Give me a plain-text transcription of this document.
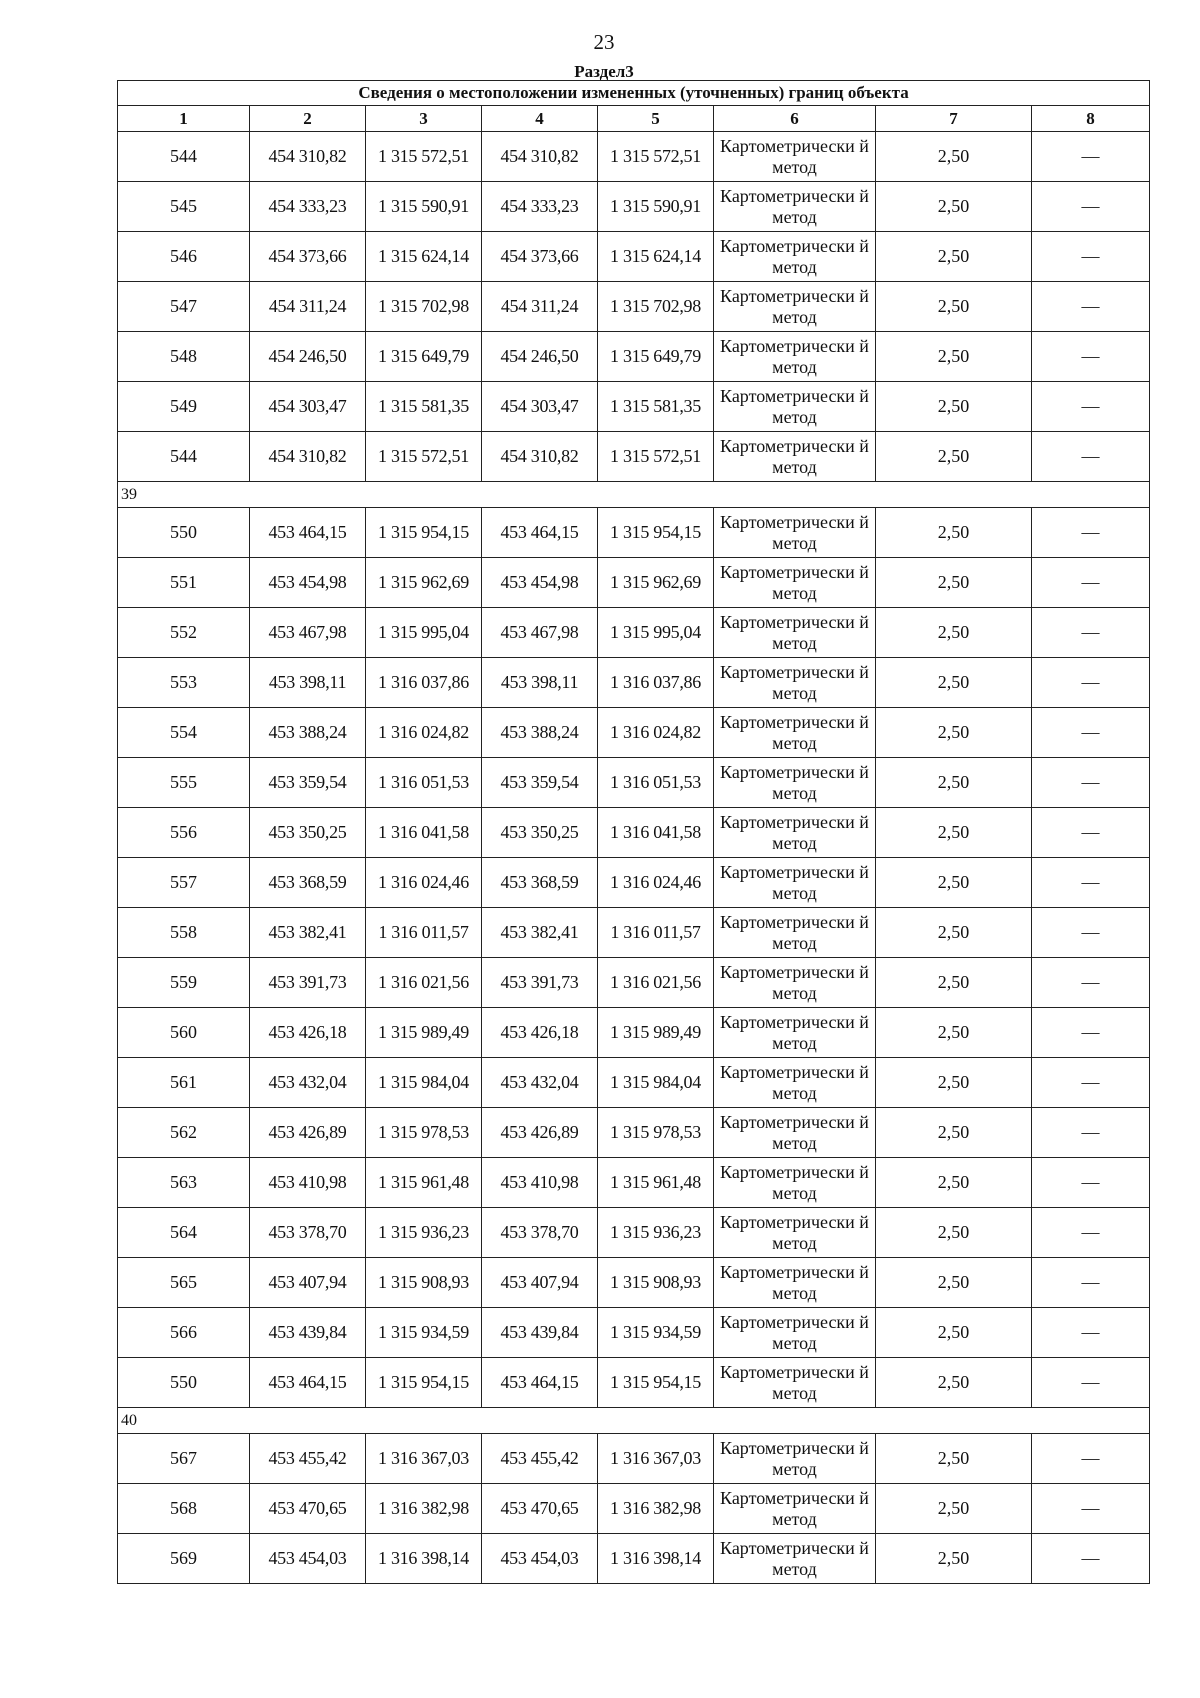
23
Раздел3
Сведения о местоположении измененных (уточненных) границ объекта							
1	2	3	4	5	6	7	8
544	454 310,82	1 315 572,51	454 310,82	1 315 572,51	Картометрически й метод	2,50	—
545	454 333,23	1 315 590,91	454 333,23	1 315 590,91	Картометрически й метод	2,50	—
546	454 373,66	1 315 624,14	454 373,66	1 315 624,14	Картометрически й метод	2,50	—
547	454 311,24	1 315 702,98	454 311,24	1 315 702,98	Картометрически й метод	2,50	—
548	454 246,50	1 315 649,79	454 246,50	1 315 649,79	Картометрически й метод	2,50	—
549	454 303,47	1 315 581,35	454 303,47	1 315 581,35	Картометрически й метод	2,50	—
544	454 310,82	1 315 572,51	454 310,82	1 315 572,51	Картометрически й метод	2,50	—
39							
550	453 464,15	1 315 954,15	453 464,15	1 315 954,15	Картометрически й метод	2,50	—
551	453 454,98	1 315 962,69	453 454,98	1 315 962,69	Картометрически й метод	2,50	—
552	453 467,98	1 315 995,04	453 467,98	1 315 995,04	Картометрически й метод	2,50	—
553	453 398,11	1 316 037,86	453 398,11	1 316 037,86	Картометрически й метод	2,50	—
554	453 388,24	1 316 024,82	453 388,24	1 316 024,82	Картометрически й метод	2,50	—
555	453 359,54	1 316 051,53	453 359,54	1 316 051,53	Картометрически й метод	2,50	—
556	453 350,25	1 316 041,58	453 350,25	1 316 041,58	Картометрически й метод	2,50	—
557	453 368,59	1 316 024,46	453 368,59	1 316 024,46	Картометрически й метод	2,50	—
558	453 382,41	1 316 011,57	453 382,41	1 316 011,57	Картометрически й метод	2,50	—
559	453 391,73	1 316 021,56	453 391,73	1 316 021,56	Картометрически й метод	2,50	—
560	453 426,18	1 315 989,49	453 426,18	1 315 989,49	Картометрически й метод	2,50	—
561	453 432,04	1 315 984,04	453 432,04	1 315 984,04	Картометрически й метод	2,50	—
562	453 426,89	1 315 978,53	453 426,89	1 315 978,53	Картометрически й метод	2,50	—
563	453 410,98	1 315 961,48	453 410,98	1 315 961,48	Картометрически й метод	2,50	—
564	453 378,70	1 315 936,23	453 378,70	1 315 936,23	Картометрически й метод	2,50	—
565	453 407,94	1 315 908,93	453 407,94	1 315 908,93	Картометрически й метод	2,50	—
566	453 439,84	1 315 934,59	453 439,84	1 315 934,59	Картометрически й метод	2,50	—
550	453 464,15	1 315 954,15	453 464,15	1 315 954,15	Картометрически й метод	2,50	—
40							
567	453 455,42	1 316 367,03	453 455,42	1 316 367,03	Картометрически й метод	2,50	—
568	453 470,65	1 316 382,98	453 470,65	1 316 382,98	Картометрически й метод	2,50	—
569	453 454,03	1 316 398,14	453 454,03	1 316 398,14	Картометрически й метод	2,50	—
